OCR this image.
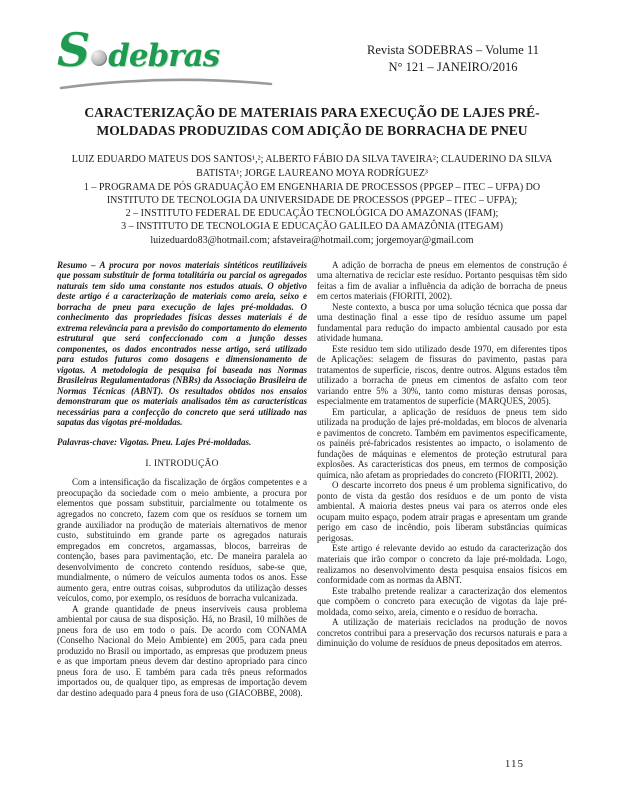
S debras	Revista SODEBRAS – Volume 11
N° 121 – JANEIRO/2016
CARACTERIZAÇÃO DE MATERIAIS PARA EXECUÇÃO DE LAJES PRÉ-MOLDADAS PRODUZIDAS COM ADIÇÃO DE BORRACHA DE PNEU
LUIZ EDUARDO MATEUS DOS SANTOS¹,²; ALBERTO FÁBIO DA SILVA TAVEIRA²; CLAUDERINO DA SILVA BATISTA¹; JORGE LAUREANO MOYA RODRÍGUEZ³
1 – PROGRAMA DE PÓS GRADUAÇÃO EM ENGENHARIA DE PROCESSOS (PPGEP – ITEC – UFPA) DO INSTITUTO DE TECNOLOGIA DA UNIVERSIDADE DE PROCESSOS (PPGEP – ITEC – UFPA);
2 – INSTITUTO FEDERAL DE EDUCAÇÃO TECNOLÓGICA DO AMAZONAS (IFAM);
3 – INSTITUTO DE TECNOLOGIA E EDUCAÇÃO GALILEO DA AMAZÔNIA (ITEGAM)
luizeduardo83@hotmail.com; afstaveira@hotmail.com; jorgemoyar@gmail.com

Resumo – A procura por novos materiais sintéticos reutilizáveis que possam substituir de forma totalitária ou parcial os agregados naturais tem sido uma constante nos estudos atuais. O objetivo deste artigo é a caracterização de materiais como areia, seixo e borracha de pneu para execução de lajes pré-moldadas. O conhecimento das propriedades físicas desses materiais é de extrema relevância para a previsão do comportamento do elemento estrutural que será confeccionado com a junção desses componentes, os dados encontrados nesse artigo, será utilizado para estudos futuros como dosagens e dimensionamento de vigotas. A metodologia de pesquisa foi baseada nas Normas Brasileiras Regulamentadoras (NBRs) da Associação Brasileira de Normas Técnicas (ABNT). Os resultados obtidos nos ensaios demonstraram que os materiais analisados têm as características necessárias para a confecção do concreto que será utilizado nas sapatas das vigotas pré-moldadas.

Palavras-chave: Vigotas. Pneu. Lajes Pré-moldadas.

I. INTRODUÇÃO

Com a intensificação da fiscalização de órgãos competentes e a preocupação da sociedade com o meio ambiente, a procura por elementos que possam substituir, parcialmente ou totalmente os agregados no concreto, fazem com que os resíduos se tornem um grande auxiliador na produção de materiais alternativos de menor custo, substituindo em grande parte os agregados naturais empregados em concretos, argamassas, blocos, barreiras de contenção, bases para pavimentação, etc. De maneira paralela ao desenvolvimento de concreto contendo resíduos, sabe-se que, mundialmente, o número de veículos aumenta todos os anos. Esse aumento gera, entre outras coisas, subprodutos da utilização desses veículos, como, por exemplo, os resíduos de borracha vulcanizada.

A grande quantidade de pneus inservíveis causa problema ambiental por causa de sua disposição. Há, no Brasil, 10 milhões de pneus fora de uso em todo o país. De acordo com CONAMA (Conselho Nacional do Meio Ambiente) em 2005, para cada pneu produzido no Brasil ou importado, as empresas que produzem pneus e as que importam pneus devem dar destino apropriado para cinco pneus fora de uso. E também para cada três pneus reformados importados ou, de qualquer tipo, as empresas de importação devem dar destino adequado para 4 pneus fora de uso (GIACOBBE, 2008).

A adição de borracha de pneus em elementos de construção é uma alternativa de reciclar este resíduo. Portanto pesquisas têm sido feitas a fim de avaliar a influência da adição de borracha de pneus em certos materiais (FIORITI, 2002).

Neste contexto, a busca por uma solução técnica que possa dar uma destinação final a esse tipo de resíduo assume um papel fundamental para redução do impacto ambiental causado por esta atividade humana.

Este resíduo tem sido utilizado desde 1970, em diferentes tipos de Aplicações: selagem de fissuras do pavimento, pastas para tratamentos de superfície, riscos, dentre outros. Alguns estados têm utilizado a borracha de pneus em cimentos de asfalto com teor variando entre 5% a 30%, tanto como misturas densas porosas, especialmente em tratamentos de superfície (MARQUES, 2005).

Em particular, a aplicação de resíduos de pneus tem sido utilizada na produção de lajes pré-moldadas, em blocos de alvenaria e pavimentos de concreto. Também em pavimentos especificamente, os painéis pré-fabricados resistentes ao impacto, o isolamento de fundações de máquinas e elementos de proteção estrutural para explosões. As características dos pneus, em termos de composição química, não afetam as propriedades do concreto (FIORITI, 2002).

O descarte incorreto dos pneus é um problema significativo, do ponto de vista da gestão dos resíduos e de um ponto de vista ambiental. A maioria destes pneus vai para os aterros onde eles ocupam muito espaço, podem atrair pragas e apresentam um grande perigo em caso de incêndio, pois liberam substâncias químicas perigosas.

Este artigo é relevante devido ao estudo da caracterização dos materiais que irão compor o concreto da laje pré-moldada. Logo, realizamos no desenvolvimento desta pesquisa ensaios físicos em conformidade com as normas da ABNT.

Este trabalho pretende realizar a caracterização dos elementos que compõem o concreto para execução de vigotas da laje pré-moldada, como seixo, areia, cimento e o resíduo de borracha.

A utilização de materiais reciclados na produção de novos concretos contribui para a preservação dos recursos naturais e para a diminuição do volume de resíduos de pneus depositados em aterros.

115
